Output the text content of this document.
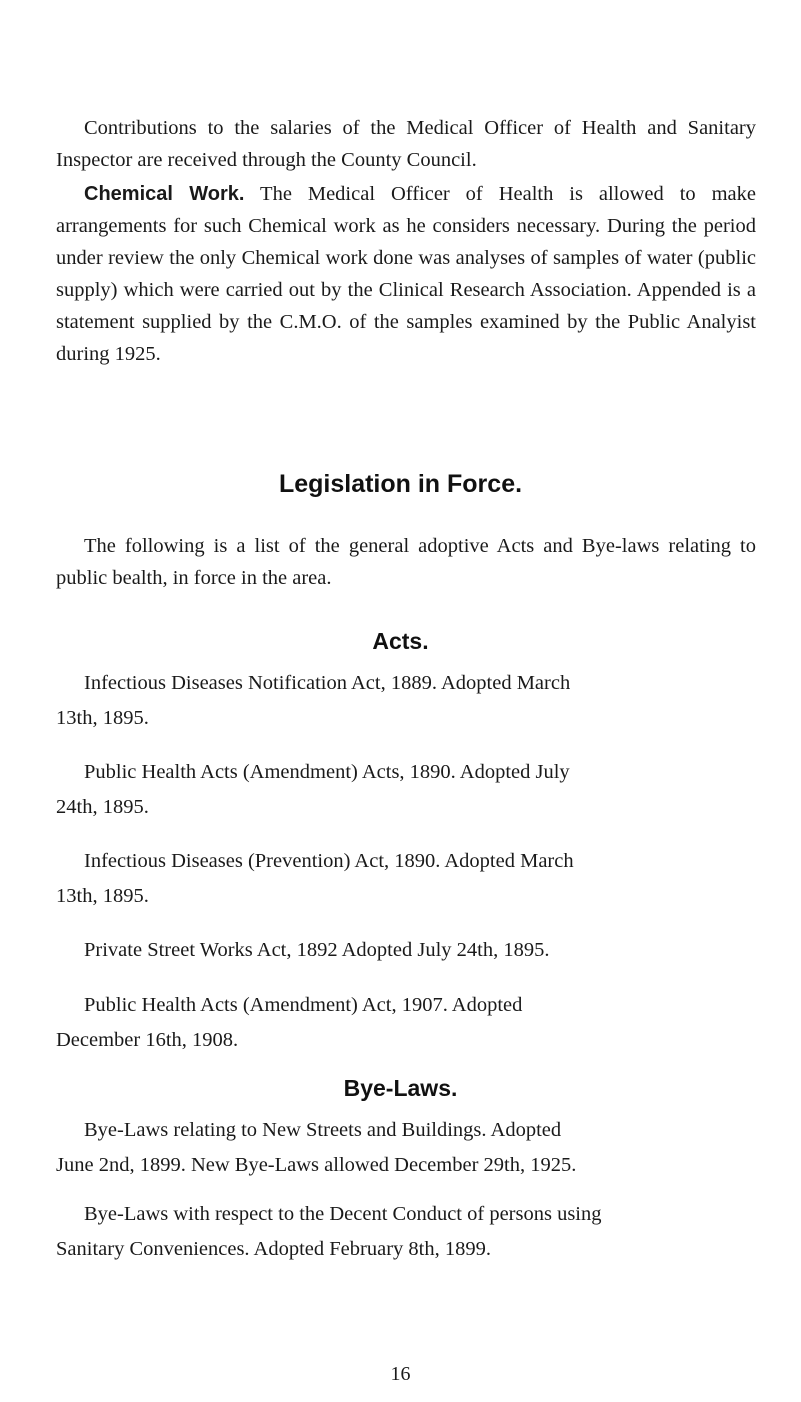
Contributions to the salaries of the Medical Officer of Health and Sanitary Inspector are received through the County Council.

Chemical Work. The Medical Officer of Health is allowed to make arrangements for such Chemical work as he considers necessary. During the period under review the only Chemical work done was analyses of samples of water (public supply) which were carried out by the Clinical Research Association. Appended is a statement supplied by the C.M.O. of the samples examined by the Public Analyist during 1925.

Legislation in Force.

The following is a list of the general adoptive Acts and Bye-laws relating to public bealth, in force in the area.

Acts.

Infectious Diseases Notification Act, 1889. Adopted March
13th, 1895.

Public Health Acts (Amendment) Acts, 1890. Adopted July
24th, 1895.

Infectious Diseases (Prevention) Act, 1890. Adopted March
13th, 1895.

Private Street Works Act, 1892 Adopted July 24th, 1895.

Public Health Acts (Amendment) Act, 1907. Adopted
December 16th, 1908.

Bye-Laws.

Bye-Laws relating to New Streets and Buildings. Adopted
June 2nd, 1899. New Bye-Laws allowed December 29th, 1925.

Bye-Laws with respect to the Decent Conduct of persons using
Sanitary Conveniences. Adopted February 8th, 1899.

16
